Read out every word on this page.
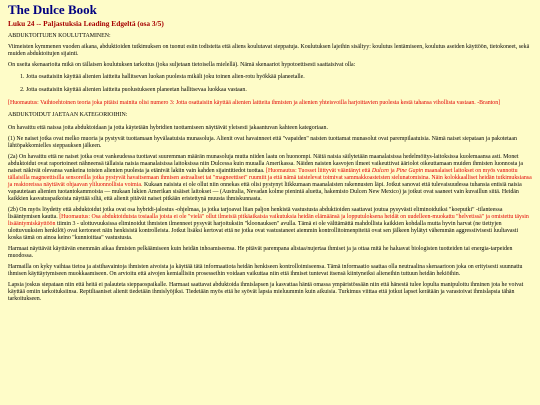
The Dulce Book
Luku 24 -- Paljastuksia Leading Edgeltä (osa 3/5)

ABDUKTOITUJEN KOULUTTAMINEN:

Viimeisten kymmenen vuoden aikana, abduktioiden tutkimuksen on tuonut esiin todisteita että aliens koulutavat sieppatuja. Koulutuksen lajeihin sisältyy: koulutus lentämiseen, koulutus aseiden käyttöön, tietokoneet, sekä muiden abduktoitujen sijainti.

On useita skenaarioita mikä on tällaisen koulutuksen tarkoitus (joka suljetaan tietoisella mielellä). Nämä skenaariot hypotoettisesti saattaisivat olla:

1. Jotta osattaisiin käyttää alienien laitteita hallitsevan luokan puolesta mikäli joku toinen alien-rotu hyökkää planeetalle.
2. Jotta osattaisiin käyttää alienien laitteita puolustukseen planeetan hallitsevaa luokkaa vastaan.

[Huomautus: Vaihtoehtoinen teoria joka pitäisi mainita olisi numero 3: Jotta osattaisiin käyttää alienien laitteita ihmisten ja alienien yhteisvoilla harjoittavien puolesta kestä tahansa vihollista vastaan. -Branton]

ABDUKTOIDUT JAETAAN KATEGORIOIHIN:

On havaittu että naissa joita abduktoidaan ja jotta käytetään hybridien tuottamiseen näyttävät yleisesti jakaantuvan kahteen kategoriaan.

(1) Ne naiset jotka ovat melko muoria ja pystyvät tuottamaan hyvälaatuisia munasoluja. Alienit ovat havainneet että "vapaiden" naisten tuottamat munasolut ovat parempilaatuisia. Nämä naiset siepataan ja pakotetaan lähtöpakkomielles sieppauksen jälkeen.

(2a) On havaittu että ne naiset jotka ovat vankeudessa tuottavat suuremman määrän munasoluja mutta niiden laatu on huonompi. Näitä naisia säilytetään maanalaisissa hedelmöitys-laitoksissa kuolemaansa asti. Monet abduktoidut ovat raportoineet nähneensä tällaisia naisia maanalaisissa laitoksissa niin Dulcessa kuin muualla Amerikassa. Näiden naisten kasvojen ilmeet vaikeuttivat ääriolot oikeuttamaan muiden ihmisten luonnosta ja naiset näkivät olevansa vankeina toisten alienien puolesta ja etänivät lakiin vain kahden sijaintitiedot tuottaa. [Huomautus: Tuosset liittyvät vääntänyt että Dulcen ja Pine Gapin maanalaiset laitokset on myös vannottu tällaisilla magneettisilla sensoreilla jotka pystyvät havaitsemaan ihmisen astraaliset tai "magneettiset" ruumiit ja että nämä taistelevat toimivat sammakkoasteisten sielunatomisina. Näin kolokkaalliset heidän tutkimuksiansa ja reaktoreissa näyttävät ohjaavan yliluonnollisia voimia. Kukaan naisista ei ole ollut niin onnekas että olisi pystynyt liikkumaan maanalaisten rakennusten läpi. Jotkut sanovat että tulevaisuudessa tuhansia entisiä naisia vapautetaan alienien tuotantokammoista — mukaan lukien Amerikan sisäiset laitokset — (Australia, Nevadan kolme pienintä aluetta, hakemisto Dulcen New Mexico) ja jotkut ovat saaneet vain kuvaillun siitä. Heidän kaikkien kasvatuspaikoista näyttää siltä, että alienit pitävät naiset pitkään eristettynä muusta ihmiskunnasta.

(2b) On myös löydetty että abduktoidut jotka ovat osa hybridi-jalostus -ohjelmaa, ja jotka tarjoavat liian paljon henkistä vastustusta abduktioiden saattavat joutua pysyvästi eliminoiduiksi "koeputki" -tilanteessa lisääntymisen kautta. [Huomautus: Osa abduktoiduista tosiaalla joista ei ole "vielä" ollut ilmeisiä pitkäaikaisia vaikutuksia heidän elämäänsä ja lopputuloksena heidät on uudelleen-muokattu "helvetissä" ja omistettu täysin lisääntymiskäyttöön tiimin 3 - ulottuvuuksissa eliminoidut ihmisten ilmenneet pysyvät harjoituksiin "kloonauksen" avulla. Tämä ei ole välttämättä mahdollista kaikkien kohdalla mutta hyvin harvat (ne tiettyjen ulottuvuuksien henkilöt) ovat kertoneet näin henkisistä kontrolleista. Jotkut lisäksi kertovat että ne jotka ovat vastustaneet aiemmin kontrollitoimenpiteitä ovat sen jälkeen hylätyt vähemmän aggressiivisesti luultavasti koska tämä on ainoa keino "kunnioittaa" vastustusta.

Harmaat näyttävät käyttävän enemmän aikaa ihmisten pelkäämiseen kuin heidän inhoamiseensa. He pitävät parempana alistaa/nujertaa ihmiset ja ja ottaa mitä he haluavat biologisten tuotteiden tai energia-tarpeiden muodossa.

Harmailla on kyky vaihtaa tietoa ja aistihavaintoja ihmisten aivoista ja käyttää tätä informaatiota heidän henkiseen kontrolloimiseensa. Tämä informaatio saattaa olla neutraalina skenaarioon joka on erityisesti suunnattu ihmisen käyttäytymiseen muokkaamiseen. On arvioitu että aivojen kemiallisiin prosesseihin voidaan vaikuttaa niin että ihmiset tuntevat itsensä kiintyneiksi alieneihin tuttuun heidän hekiöihin.

Lapsia joskus siepataan niin että heitä ei palauteta sieppaospaikalle. Harmaat saattavat abduktoida ihmislapsen ja kasvattaa häntä omassa ympäristössään niin että hänestä tulee lopulta manipuloitu ihminen jota he voivat käyttää omiin tarkoituksiinsa. Reptiliaaniset alienit tiedetään ihmislyöjiksi. Tiedetään myös että he syövät lapsia mieluummin kuin aikuisia. Turkimus viittaa että jotkut lapset kerätään ja varastoivat ihmislapsia tähän tarkoitukseen.
